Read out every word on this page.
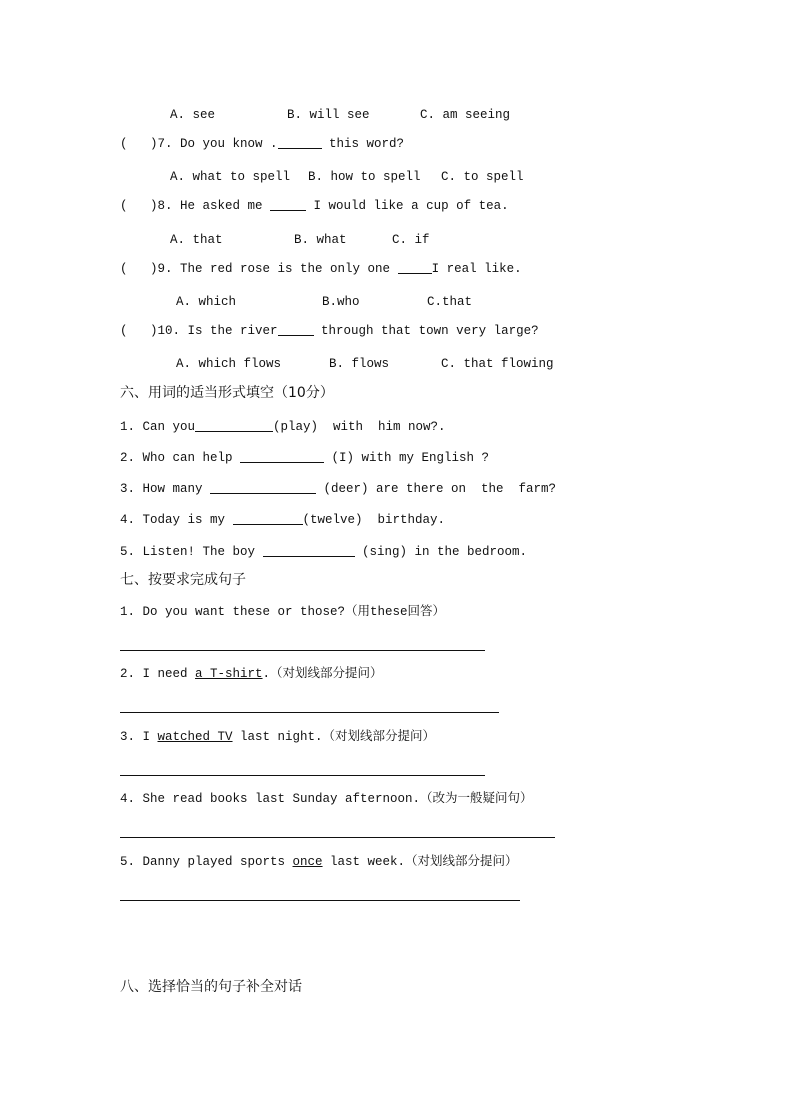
A. see	B. will see	C. am seeing
(   )7. Do you know .	this word?
A. what to spell B. how to spell C. to spell
(   )8. He asked me	I would like a cup of tea.
A. that	B. what	C. if
(   )9. The red rose is the only one	I real like.
A. which	B.who	C.that
(   )10. Is the river	through that town very large?
A. which flows	B. flows	C. that flowing
六、用词的适当形式填空（10分）
1. Can you	(play)  with  him now?.
2. Who can help	(I) with my English ?
3. How many	(deer) are there on  the  farm?
4. Today is my	(twelve)  birthday.
5. Listen! The boy	(sing) in the bedroom.
七、按要求完成句子
1. Do you want these or those?（用these回答）
2. I need a T-shirt.（对划线部分提问）
3. I watched TV last night.（对划线部分提问）
4. She read books last Sunday afternoon.（改为一般疑问句）
5. Danny played sports once last week.（对划线部分提问）
八、选择恰当的句子补全对话
